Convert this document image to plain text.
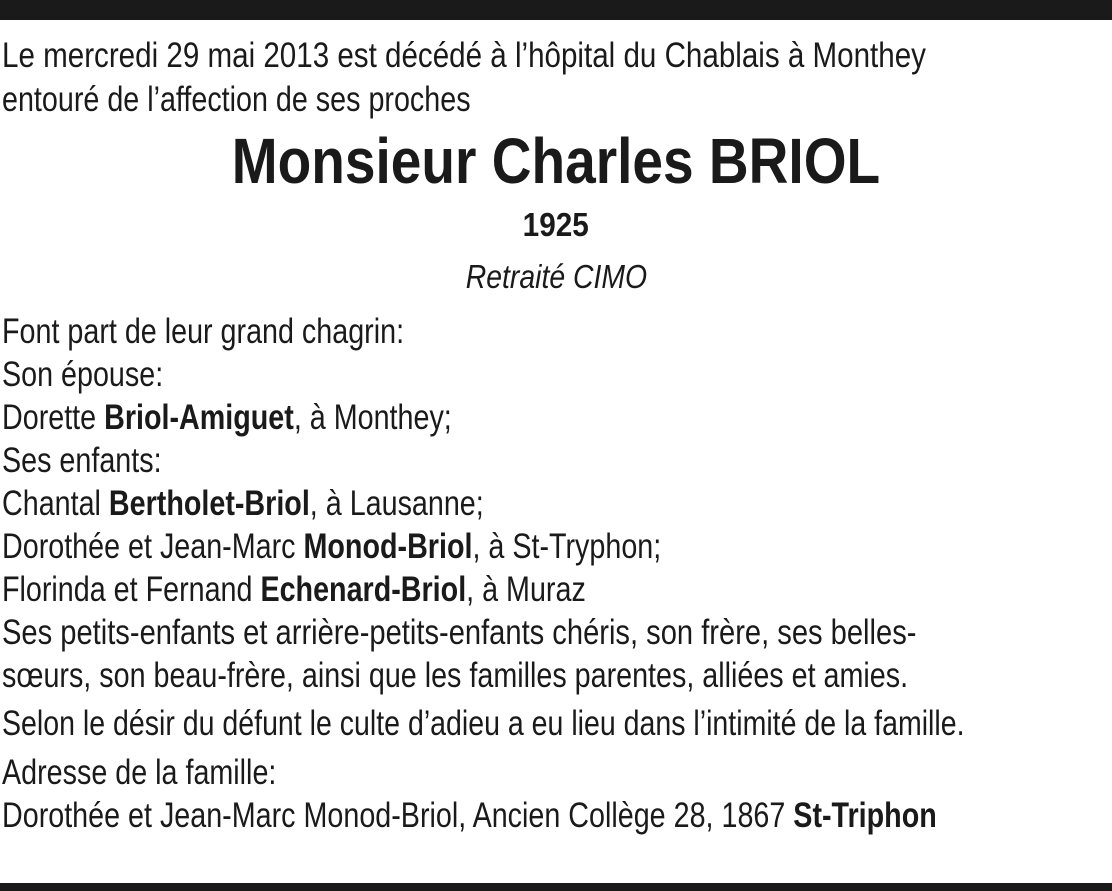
Le mercredi 29 mai 2013 est décédé à l’hôpital du Chablais à Monthey
entouré de l’affection de ses proches
Monsieur Charles BRIOL
1925
Retraité CIMO
Font part de leur grand chagrin:
Son épouse:
Dorette Briol-Amiguet, à Monthey;
Ses enfants:
Chantal Bertholet-Briol, à Lausanne;
Dorothée et Jean-Marc Monod-Briol, à St-Tryphon;
Florinda et Fernand Echenard-Briol, à Muraz
Ses petits-enfants et arrière-petits-enfants chéris, son frère, ses belles-
sœurs, son beau-frère, ainsi que les familles parentes, alliées et amies.
Selon le désir du défunt le culte d’adieu a eu lieu dans l’intimité de la famille.
Adresse de la famille:
Dorothée et Jean-Marc Monod-Briol, Ancien Collège 28, 1867 St-Triphon
